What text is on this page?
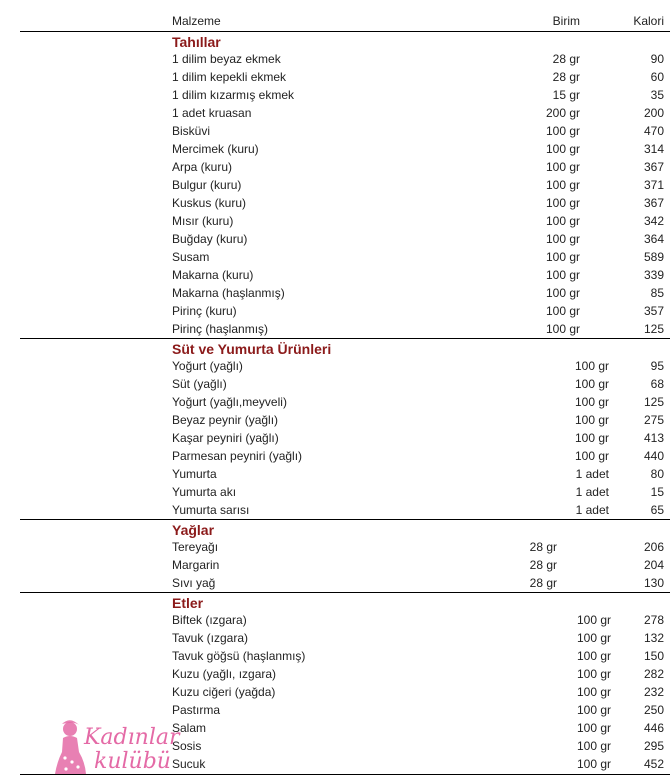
Malzeme	Birim	Kalori
Tahıllar
1 dilim beyaz ekmek	28 gr	90
1 dilim kepekli ekmek	28 gr	60
1 dilim kızarmış ekmek	15 gr	35
1 adet kruasan	200 gr	200
Bisküvi	100 gr	470
Mercimek (kuru)	100 gr	314
Arpa (kuru)	100 gr	367
Bulgur (kuru)	100 gr	371
Kuskus (kuru)	100 gr	367
Mısır (kuru)	100 gr	342
Buğday (kuru)	100 gr	364
Susam	100 gr	589
Makarna (kuru)	100 gr	339
Makarna (haşlanmış)	100 gr	85
Pirinç (kuru)	100 gr	357
Pirinç (haşlanmış)	100 gr	125
Süt ve Yumurta Ürünleri
Yoğurt (yağlı)	100 gr	95
Süt (yağlı)	100 gr	68
Yoğurt (yağlı,meyveli)	100 gr	125
Beyaz peynir (yağlı)	100 gr	275
Kaşar peyniri (yağlı)	100 gr	413
Parmesan peyniri (yağlı)	100 gr	440
Yumurta	1 adet	80
Yumurta akı	1 adet	15
Yumurta sarısı	1 adet	65
Yağlar
Tereyağı	28 gr	206
Margarin	28 gr	204
Sıvı yağ	28 gr	130
Etler
Biftek (ızgara)	100 gr	278
Tavuk (ızgara)	100 gr	132
Tavuk göğsü (haşlanmış)	100 gr	150
Kuzu (yağlı, ızgara)	100 gr	282
Kuzu ciğeri (yağda)	100 gr	232
Pastırma	100 gr	250
Salam	100 gr	446
Sosis	100 gr	295
Sucuk	100 gr	452
Kadınlar
kulübü
